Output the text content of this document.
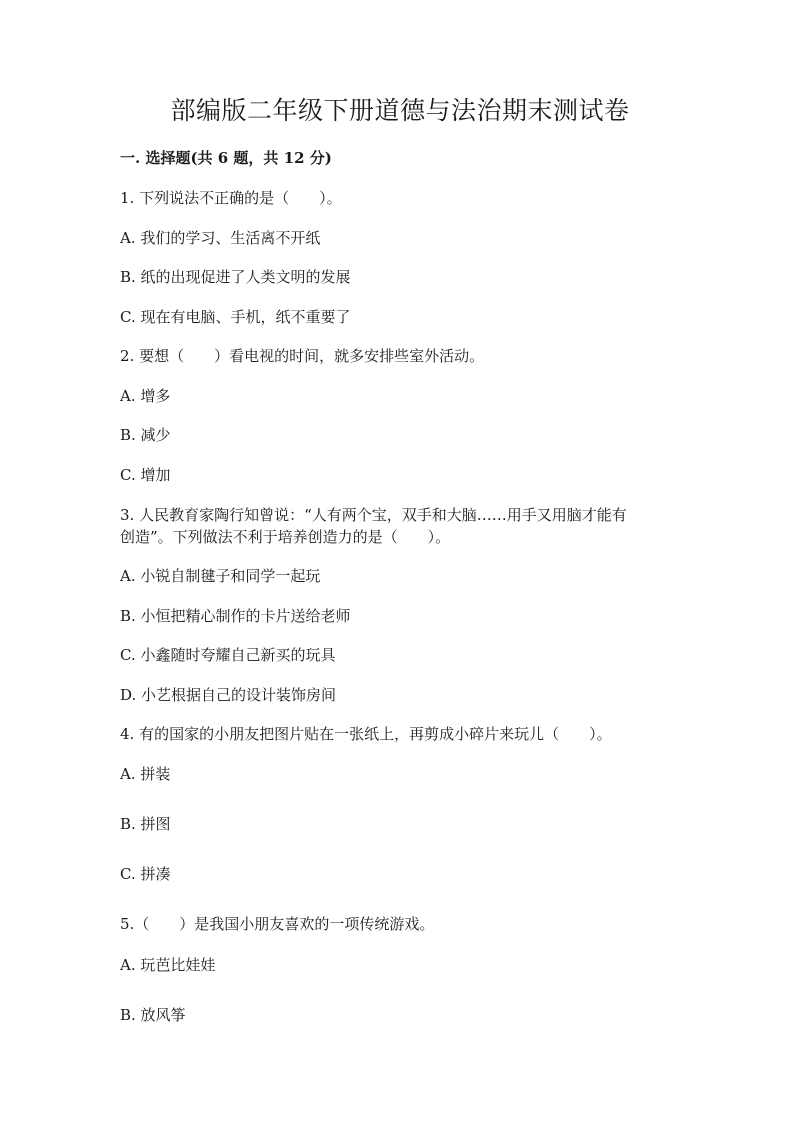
部编版二年级下册道德与法治期末测试卷
一. 选择题(共 6 题，共 12 分)
1. 下列说法不正确的是（　　）。
A. 我们的学习、生活离不开纸
B. 纸的出现促进了人类文明的发展
C. 现在有电脑、手机，纸不重要了
2. 要想（　　）看电视的时间，就多安排些室外活动。
A. 增多
B. 减少
C. 增加
3. 人民教育家陶行知曾说：“人有两个宝，双手和大脑……用手又用脑才能有
创造”。下列做法不利于培养创造力的是（　　）。
A. 小锐自制毽子和同学一起玩
B. 小恒把精心制作的卡片送给老师
C. 小鑫随时夸耀自己新买的玩具
D. 小艺根据自己的设计装饰房间
4. 有的国家的小朋友把图片贴在一张纸上，再剪成小碎片来玩儿（　　）。
A. 拼装
B. 拼图
C. 拼凑
5.（　　）是我国小朋友喜欢的一项传统游戏。
A. 玩芭比娃娃
B. 放风筝
